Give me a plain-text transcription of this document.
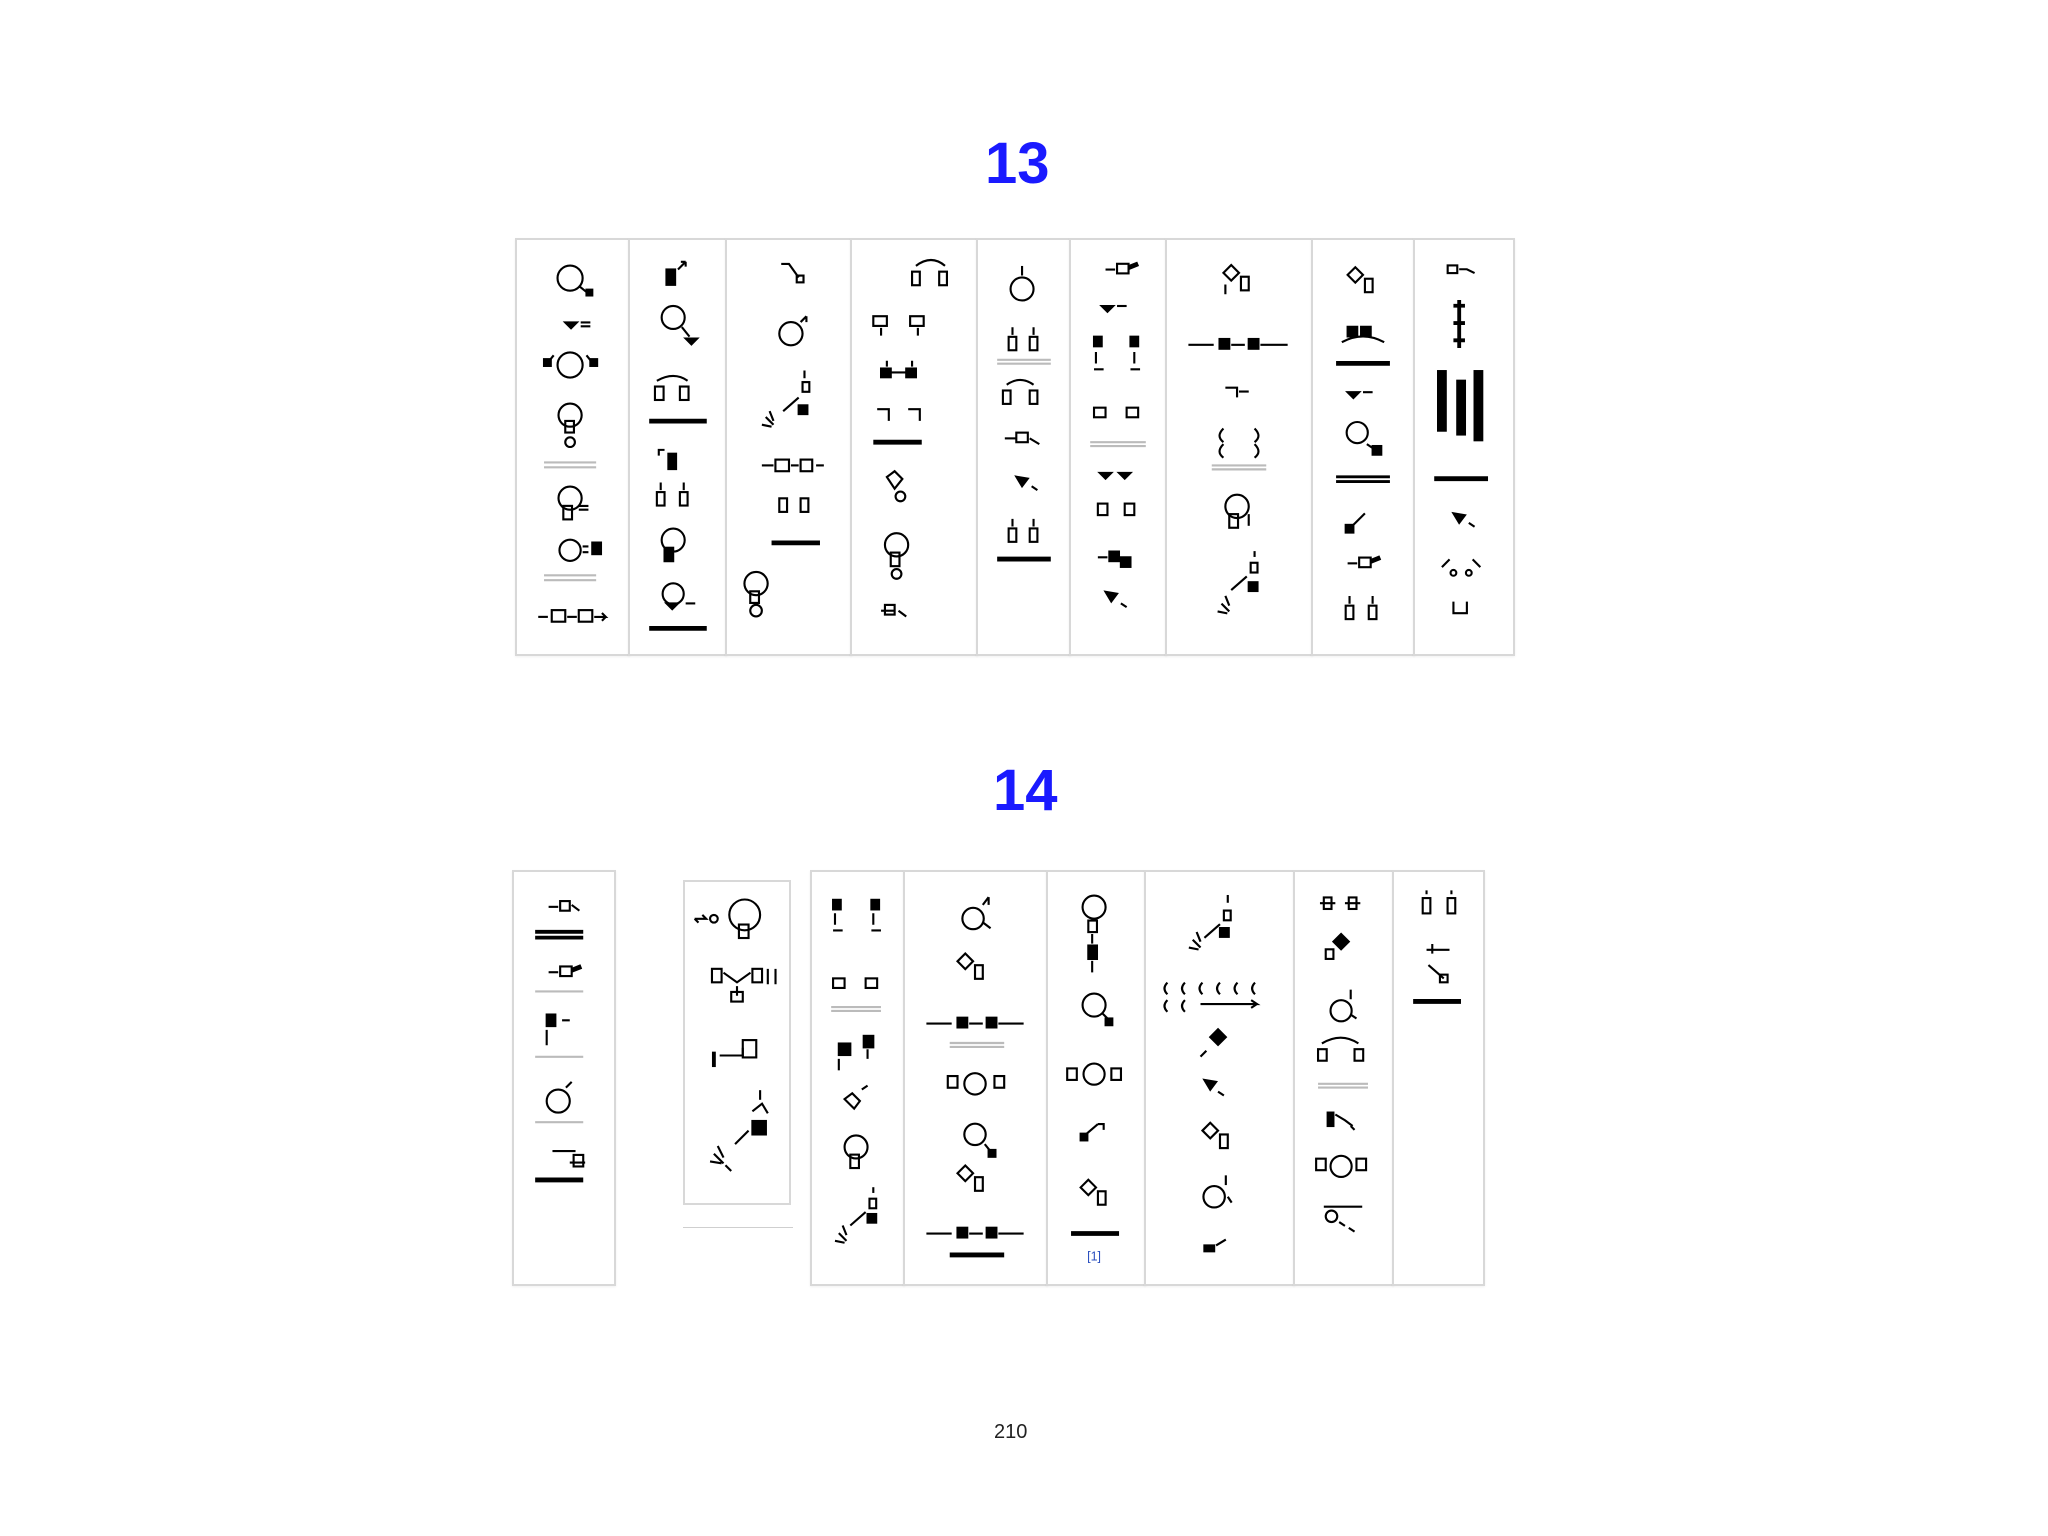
13
14
[1]
210
